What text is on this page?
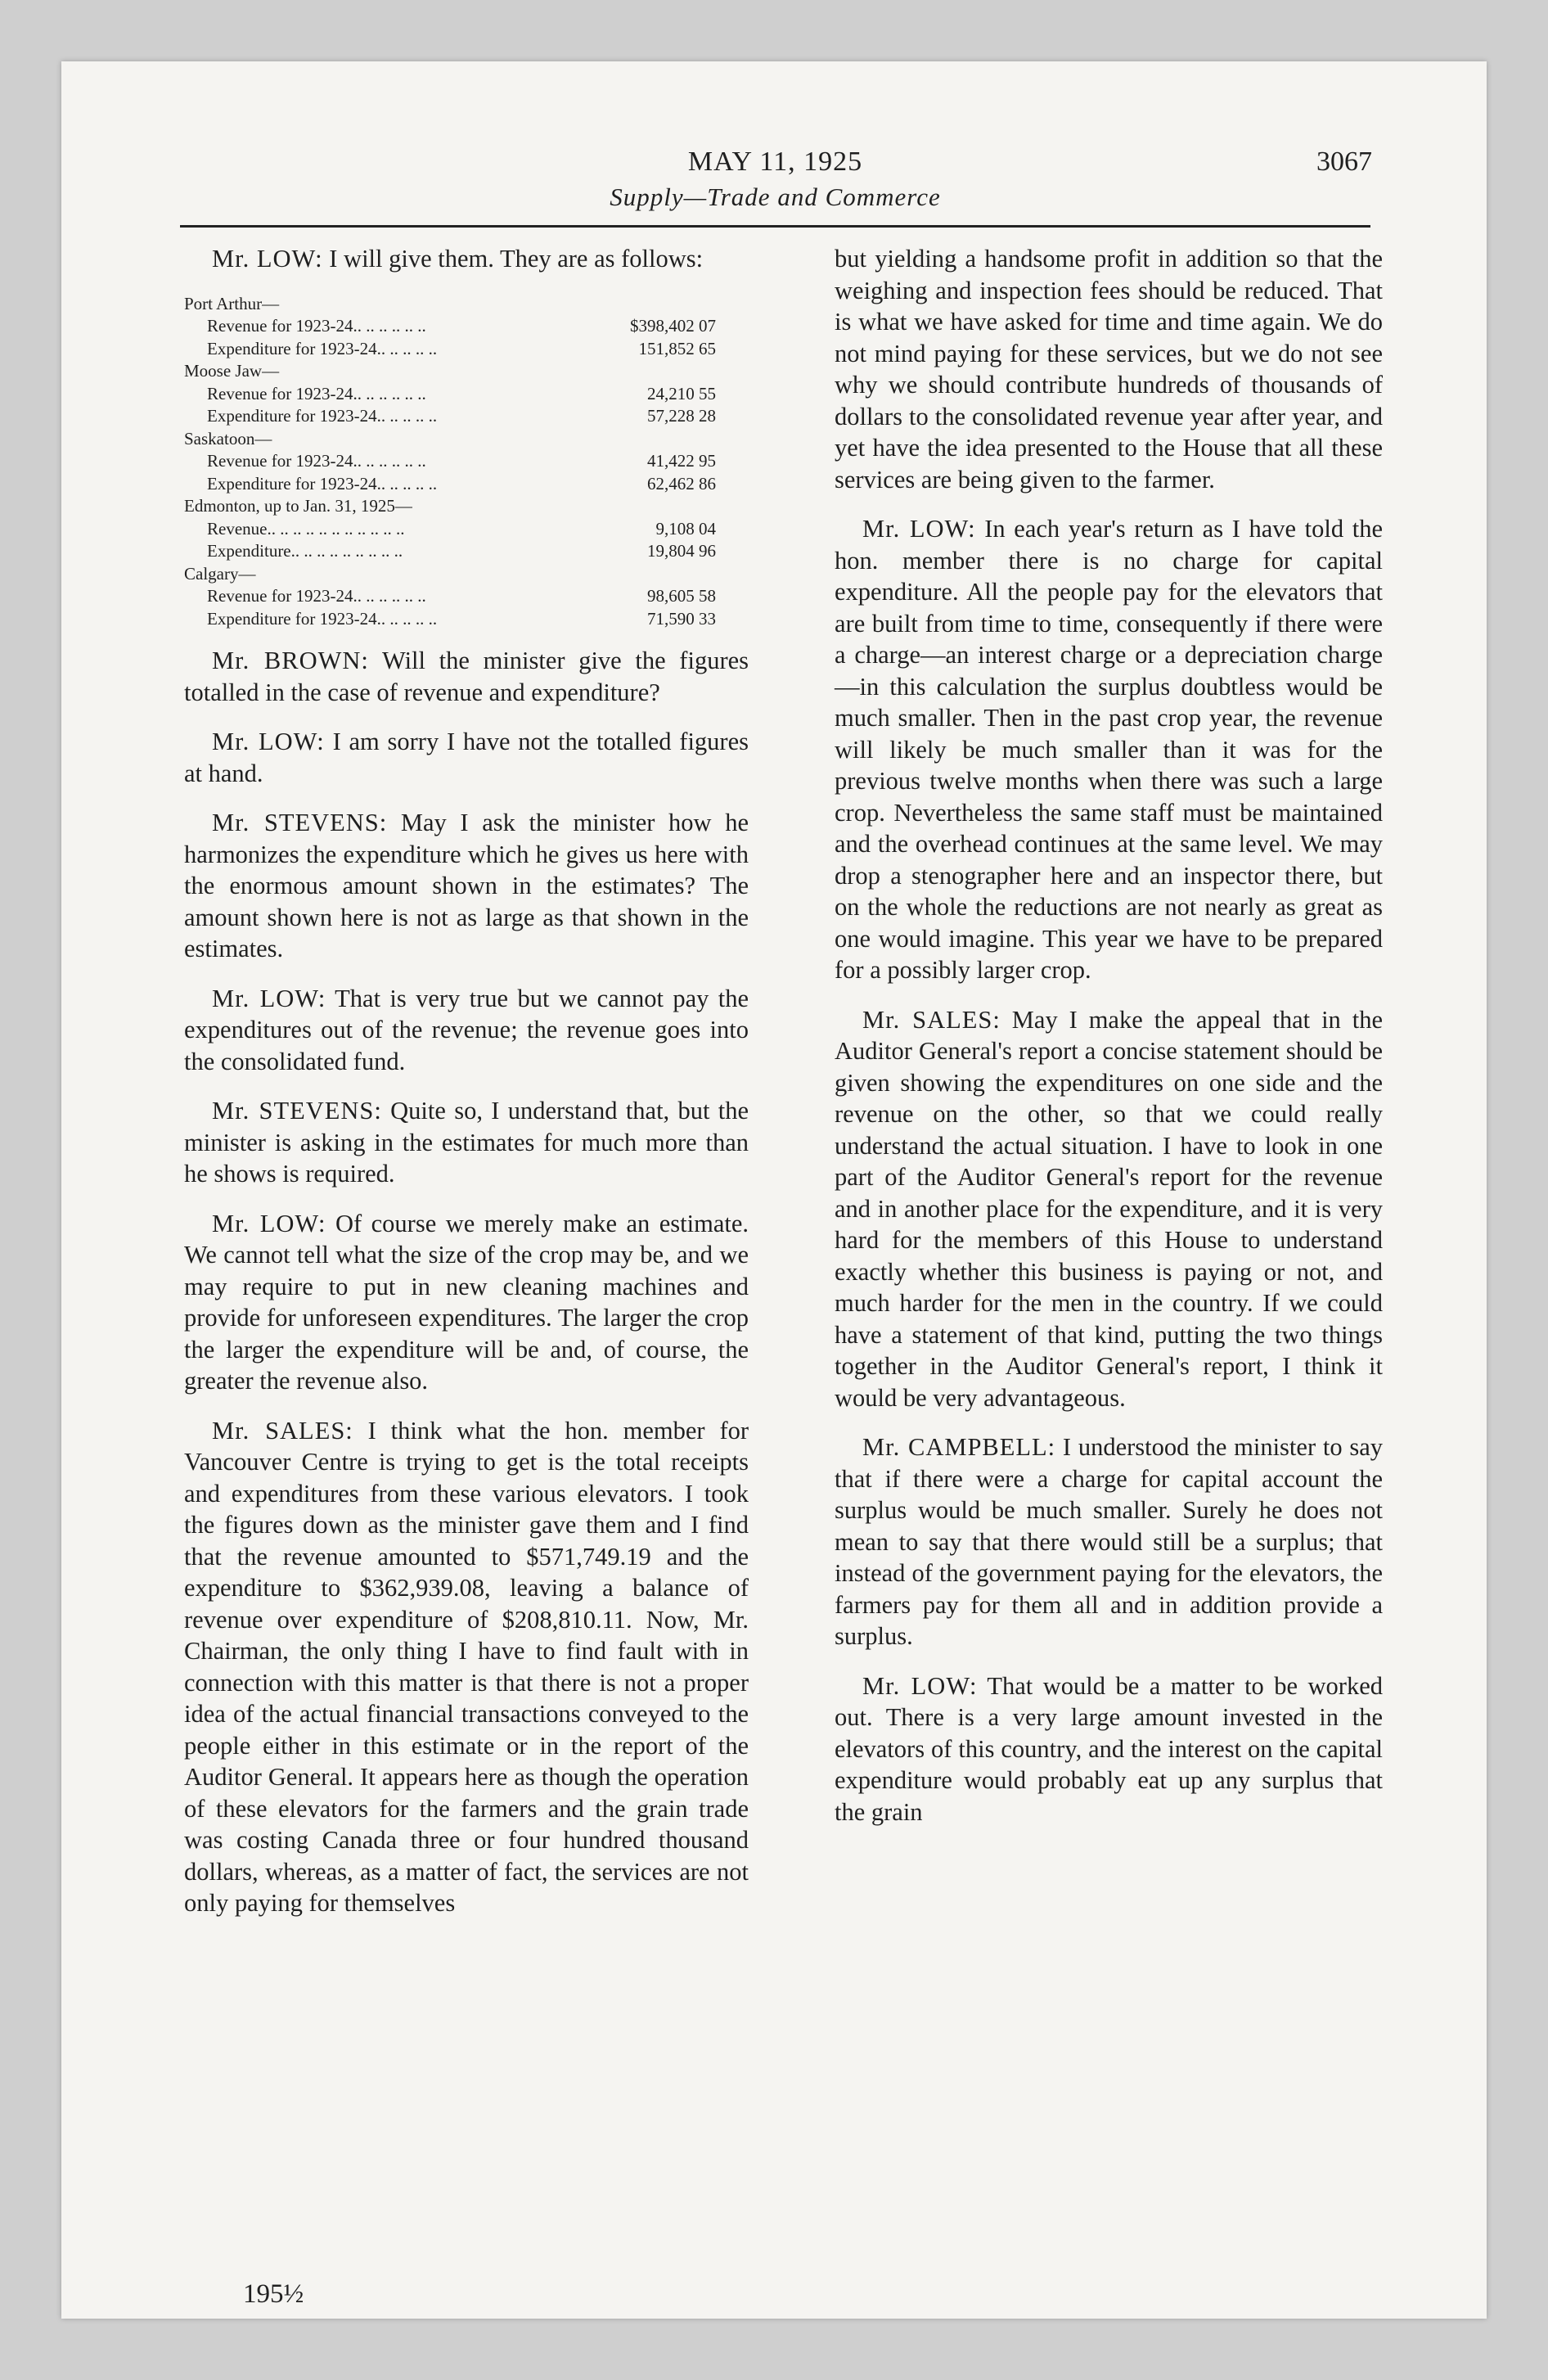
MAY 11, 1925	3067
Supply—Trade and Commerce

Mr. LOW: I will give them. They are as follows:

Port Arthur—
Revenue for 1923-24.. .. .. .. .. ..	$398,402 07
Expenditure for 1923-24.. .. .. .. ..	151,852 65
Moose Jaw—
Revenue for 1923-24.. .. .. .. .. ..	24,210 55
Expenditure for 1923-24.. .. .. .. ..	57,228 28
Saskatoon—
Revenue for 1923-24.. .. .. .. .. ..	41,422 95
Expenditure for 1923-24.. .. .. .. ..	62,462 86
Edmonton, up to Jan. 31, 1925—
Revenue.. .. .. .. .. .. .. .. .. .. ..	9,108 04
Expenditure.. .. .. .. .. .. .. .. ..	19,804 96
Calgary—
Revenue for 1923-24.. .. .. .. .. ..	98,605 58
Expenditure for 1923-24.. .. .. .. ..	71,590 33

Mr. BROWN: Will the minister give the figures totalled in the case of revenue and expenditure?

Mr. LOW: I am sorry I have not the totalled figures at hand.

Mr. STEVENS: May I ask the minister how he harmonizes the expenditure which he gives us here with the enormous amount shown in the estimates? The amount shown here is not as large as that shown in the estimates.

Mr. LOW: That is very true but we cannot pay the expenditures out of the revenue; the revenue goes into the consolidated fund.

Mr. STEVENS: Quite so, I understand that, but the minister is asking in the estimates for much more than he shows is required.

Mr. LOW: Of course we merely make an estimate. We cannot tell what the size of the crop may be, and we may require to put in new cleaning machines and provide for unforeseen expenditures. The larger the crop the larger the expenditure will be and, of course, the greater the revenue also.

Mr. SALES: I think what the hon. member for Vancouver Centre is trying to get is the total receipts and expenditures from these various elevators. I took the figures down as the minister gave them and I find that the revenue amounted to $571,749.19 and the expenditure to $362,939.08, leaving a balance of revenue over expenditure of $208,810.11. Now, Mr. Chairman, the only thing I have to find fault with in connection with this matter is that there is not a proper idea of the actual financial transactions conveyed to the people either in this estimate or in the report of the Auditor General. It appears here as though the operation of these elevators for the farmers and the grain trade was costing Canada three or four hundred thousand dollars, whereas, as a matter of fact, the services are not only paying for themselves

but yielding a handsome profit in addition so that the weighing and inspection fees should be reduced. That is what we have asked for time and time again. We do not mind paying for these services, but we do not see why we should contribute hundreds of thousands of dollars to the consolidated revenue year after year, and yet have the idea presented to the House that all these services are being given to the farmer.

Mr. LOW: In each year's return as I have told the hon. member there is no charge for capital expenditure. All the people pay for the elevators that are built from time to time, consequently if there were a charge—an interest charge or a depreciation charge—in this calculation the surplus doubtless would be much smaller. Then in the past crop year, the revenue will likely be much smaller than it was for the previous twelve months when there was such a large crop. Nevertheless the same staff must be maintained and the overhead continues at the same level. We may drop a stenographer here and an inspector there, but on the whole the reductions are not nearly as great as one would imagine. This year we have to be prepared for a possibly larger crop.

Mr. SALES: May I make the appeal that in the Auditor General's report a concise statement should be given showing the expenditures on one side and the revenue on the other, so that we could really understand the actual situation. I have to look in one part of the Auditor General's report for the revenue and in another place for the expenditure, and it is very hard for the members of this House to understand exactly whether this business is paying or not, and much harder for the men in the country. If we could have a statement of that kind, putting the two things together in the Auditor General's report, I think it would be very advantageous.

Mr. CAMPBELL: I understood the minister to say that if there were a charge for capital account the surplus would be much smaller. Surely he does not mean to say that there would still be a surplus; that instead of the government paying for the elevators, the farmers pay for them all and in addition provide a surplus.

Mr. LOW: That would be a matter to be worked out. There is a very large amount invested in the elevators of this country, and the interest on the capital expenditure would probably eat up any surplus that the grain

195½
